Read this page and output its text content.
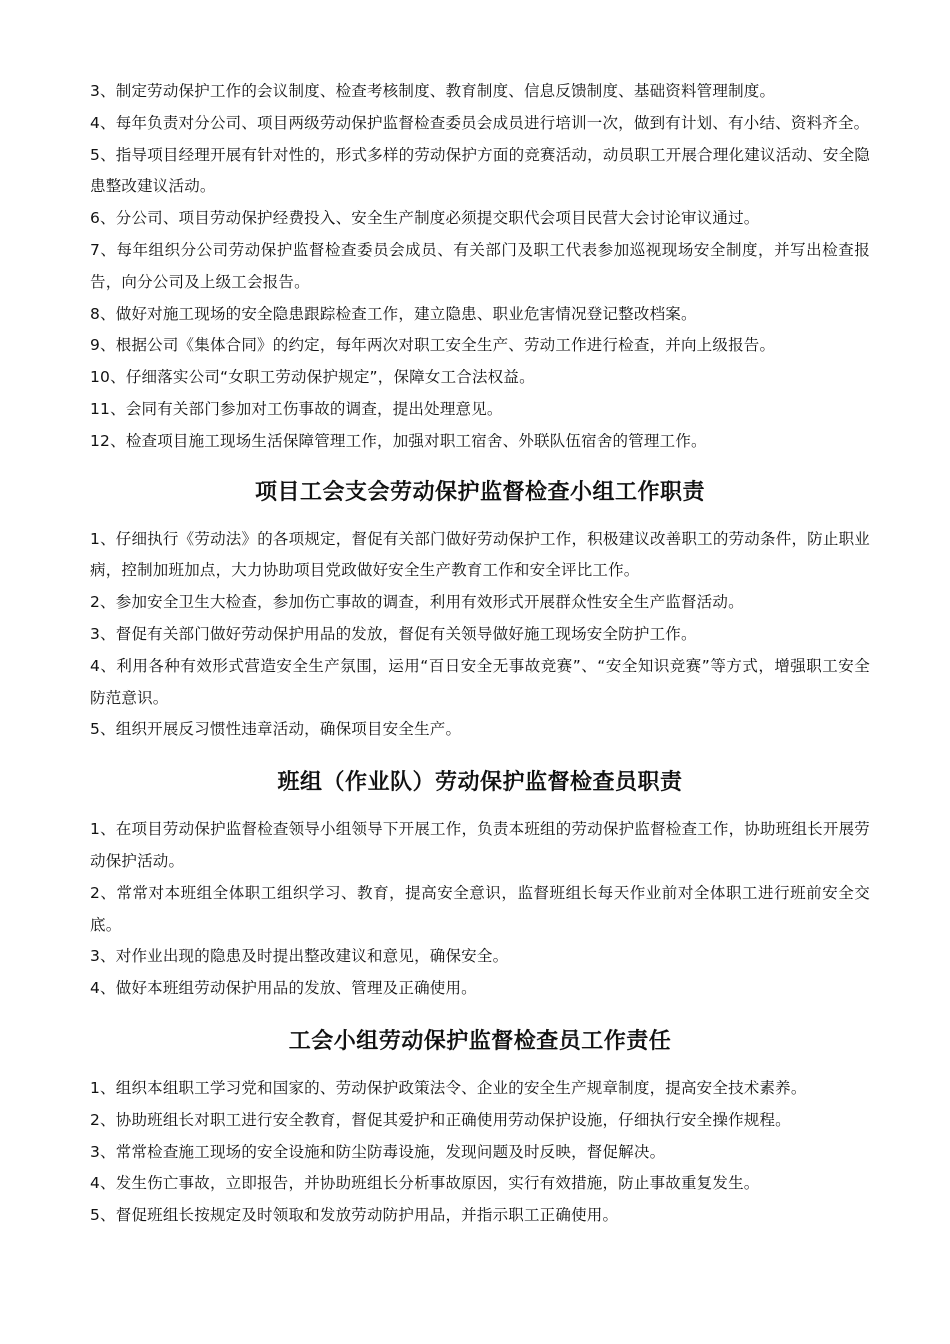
3、制定劳动保护工作的会议制度、检查考核制度、教育制度、信息反馈制度、基础资料管理制度。

4、每年负责对分公司、项目两级劳动保护监督检查委员会成员进行培训一次，做到有计划、有小结、资料齐全。

5、指导项目经理开展有针对性的，形式多样的劳动保护方面的竞赛活动，动员职工开展合理化建议活动、安全隐患整改建议活动。

6、分公司、项目劳动保护经费投入、安全生产制度必须提交职代会项目民营大会讨论审议通过。

7、每年组织分公司劳动保护监督检查委员会成员、有关部门及职工代表参加巡视现场安全制度，并写出检查报告，向分公司及上级工会报告。

8、做好对施工现场的安全隐患跟踪检查工作，建立隐患、职业危害情况登记整改档案。

9、根据公司《集体合同》的约定，每年两次对职工安全生产、劳动工作进行检查，并向上级报告。

10、仔细落实公司“女职工劳动保护规定”，保障女工合法权益。

11、会同有关部门参加对工伤事故的调查，提出处理意见。

12、检查项目施工现场生活保障管理工作，加强对职工宿舍、外联队伍宿舍的管理工作。

项目工会支会劳动保护监督检查小组工作职责

1、仔细执行《劳动法》的各项规定，督促有关部门做好劳动保护工作，积极建议改善职工的劳动条件，防止职业病，控制加班加点，大力协助项目党政做好安全生产教育工作和安全评比工作。

2、参加安全卫生大检查，参加伤亡事故的调查，利用有效形式开展群众性安全生产监督活动。

3、督促有关部门做好劳动保护用品的发放，督促有关领导做好施工现场安全防护工作。

4、利用各种有效形式营造安全生产氛围，运用“百日安全无事故竞赛”、“安全知识竞赛”等方式，增强职工安全防范意识。

5、组织开展反习惯性违章活动，确保项目安全生产。

班组（作业队）劳动保护监督检查员职责

1、在项目劳动保护监督检查领导小组领导下开展工作，负责本班组的劳动保护监督检查工作，协助班组长开展劳动保护活动。

2、常常对本班组全体职工组织学习、教育，提高安全意识，监督班组长每天作业前对全体职工进行班前安全交底。

3、对作业出现的隐患及时提出整改建议和意见，确保安全。

4、做好本班组劳动保护用品的发放、管理及正确使用。

工会小组劳动保护监督检查员工作责任

1、组织本组职工学习党和国家的、劳动保护政策法令、企业的安全生产规章制度，提高安全技术素养。

2、协助班组长对职工进行安全教育，督促其爱护和正确使用劳动保护设施，仔细执行安全操作规程。

3、常常检查施工现场的安全设施和防尘防毒设施，发现问题及时反映，督促解决。

4、发生伤亡事故，立即报告，并协助班组长分析事故原因，实行有效措施，防止事故重复发生。

5、督促班组长按规定及时领取和发放劳动防护用品，并指示职工正确使用。
